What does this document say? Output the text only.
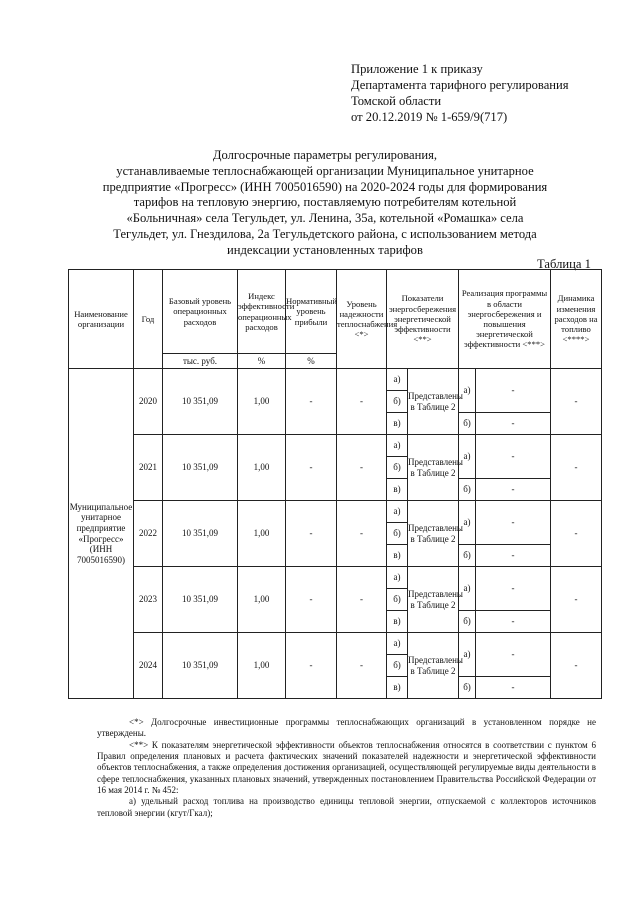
Приложение 1 к приказу
Департамента тарифного регулирования
Томской области
от 20.12.2019 № 1-659/9(717)
Долгосрочные параметры регулирования,
устанавливаемые теплоснабжающей организации Муниципальное унитарное
предприятие «Прогресс» (ИНН 7005016590) на 2020-2024 годы для формирования
тарифов на тепловую энергию, поставляемую потребителям котельной
«Больничная» села Тегульдет, ул. Ленина, 35а, котельной «Ромашка» села
Тегульдет, ул. Гнездилова, 2а Тегульдетского района, с использованием метода
индексации установленных тарифов
Таблица 1
Наименование организации	Год	Базовый уровень операционных расходов	Индекс эффективности операционных расходов	Нормативный уровень прибыли	Уровень надежности теплоснабжения <*>	Показатели энергосбережения энергетической эффективности <**>		Реализация программы в области энергосбережения и повышения энергетической эффективности <***>		Динамика изменения расходов на топливо <****>
		тыс. руб.	%	%						
Муниципальное унитарное предприятие «Прогресс» (ИНН 7005016590)	2020	10 351,09	1,00	-	-	а)	Представлены в Таблице 2	а)	-	-
						б)				
						в)		б)	-	
	2021	10 351,09	1,00	-	-	а)	Представлены в Таблице 2	а)	-	-
						б)				
						в)		б)	-	
	2022	10 351,09	1,00	-	-	а)	Представлены в Таблице 2	а)	-	-
						б)				
						в)		б)	-	
	2023	10 351,09	1,00	-	-	а)	Представлены в Таблице 2	а)	-	-
						б)				
						в)		б)	-	
	2024	10 351,09	1,00	-	-	а)	Представлены в Таблице 2	а)	-	-
						б)				
						в)		б)	-	

<*> Долгосрочные инвестиционные программы теплоснабжающих организаций в установленном порядке не утверждены.

<**> К показателям энергетической эффективности объектов теплоснабжения относятся в соответствии с пунктом 6 Правил определения плановых и расчета фактических значений показателей надежности и энергетической эффективности объектов теплоснабжения, а также определения достижения организацией, осуществляющей регулируемые виды деятельности в сфере теплоснабжения, указанных плановых значений, утвержденных постановлением Правительства Российской Федерации от 16 мая 2014 г. № 452:

а) удельный расход топлива на производство единицы тепловой энергии, отпускаемой с коллекторов источников тепловой энергии (кгут/Гкал);
